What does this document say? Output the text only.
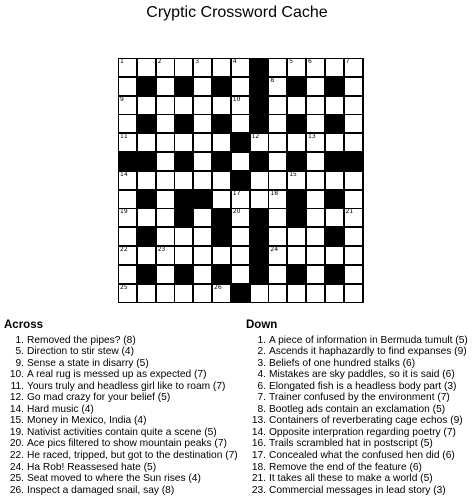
Cryptic Crossword Cache
1	2	3	4	5 6	7
8
9	10
11	12	13
14	15
17	18
19	20	21
22	23	24
25	26
Across
1. Removed the pipes? (8)
5. Direction to stir stew (4)
9. Sense a state in disarry (5)
10. A real rug is messed up as expected (7)
11. Yours truly and headless girl like to roam (7)
12. Go mad crazy for your belief (5)
14. Hard music (4)
15. Money in Mexico, India (4)
19. Nativist activities contain quite a scene (5)
20. Ace pics filtered to show mountain peaks (7)
22. He raced, tripped, but got to the destination (7)
24. Ha Rob! Reassesed hate (5)
25. Seat moved to where the Sun rises (4)
26. Inspect a damaged snail, say (8)
Down
1. A piece of information in Bermuda tumult (5)
2. Ascends it haphazardly to find expanses (9)
3. Beliefs of one hundred stalks (6)
4. Mistakes are sky paddles, so it is said (6)
6. Elongated fish is a headless body part (3)
7. Trainer confused by the environment (7)
8. Bootleg ads contain an exclamation (5)
13. Containers of reverberating cage echos (9)
14. Opposite interpration regarding poetry (7)
16. Trails scrambled hat in postscript (5)
17. Concealed what the confused hen did (6)
18. Remove the end of the feature (6)
21. It takes all these to make a world (5)
23. Commercial messages in lead story (3)
